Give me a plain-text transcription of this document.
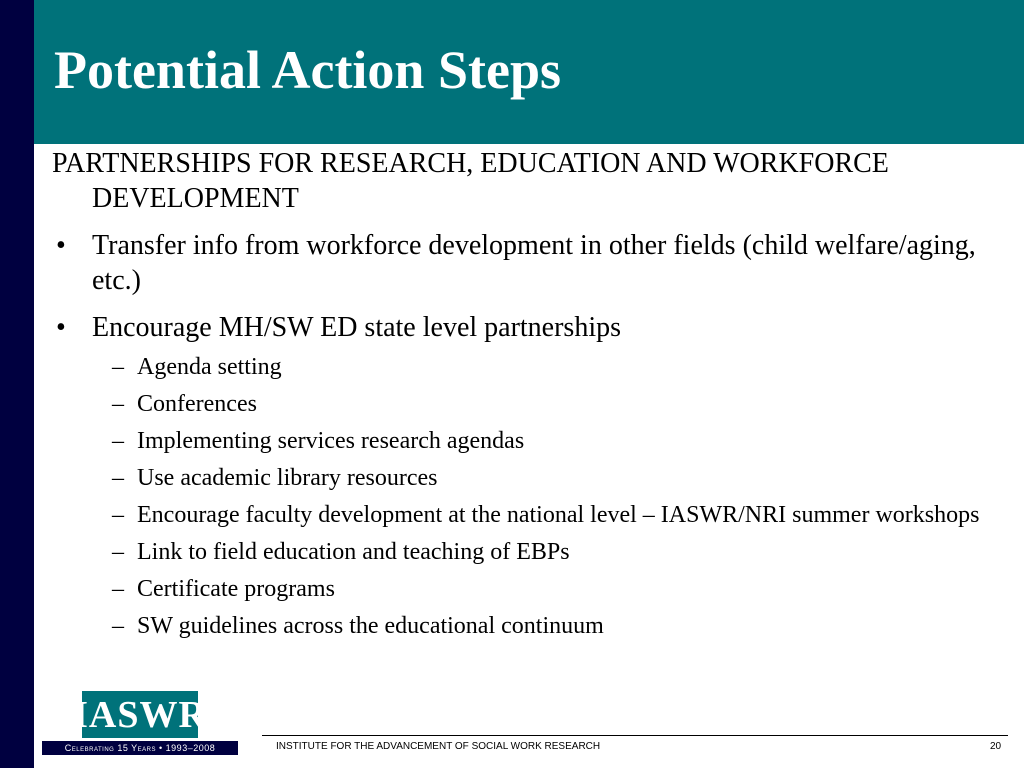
Potential Action Steps

PARTNERSHIPS FOR RESEARCH, EDUCATION AND WORKFORCE DEVELOPMENT

• Transfer info from workforce development in other fields (child welfare/aging, etc.)
• Encourage MH/SW ED state level partnerships
– Agenda setting
– Conferences
– Implementing services research agendas
– Use academic library resources
– Encourage faculty development at the national level – IASWR/NRI summer workshops
– Link to field education and teaching of EBPs
– Certificate programs
– SW guidelines across the educational continuum
IASWR
Celebrating 15 Years • 1993–2008	INSTITUTE FOR THE ADVANCEMENT OF SOCIAL WORK RESEARCH	20
